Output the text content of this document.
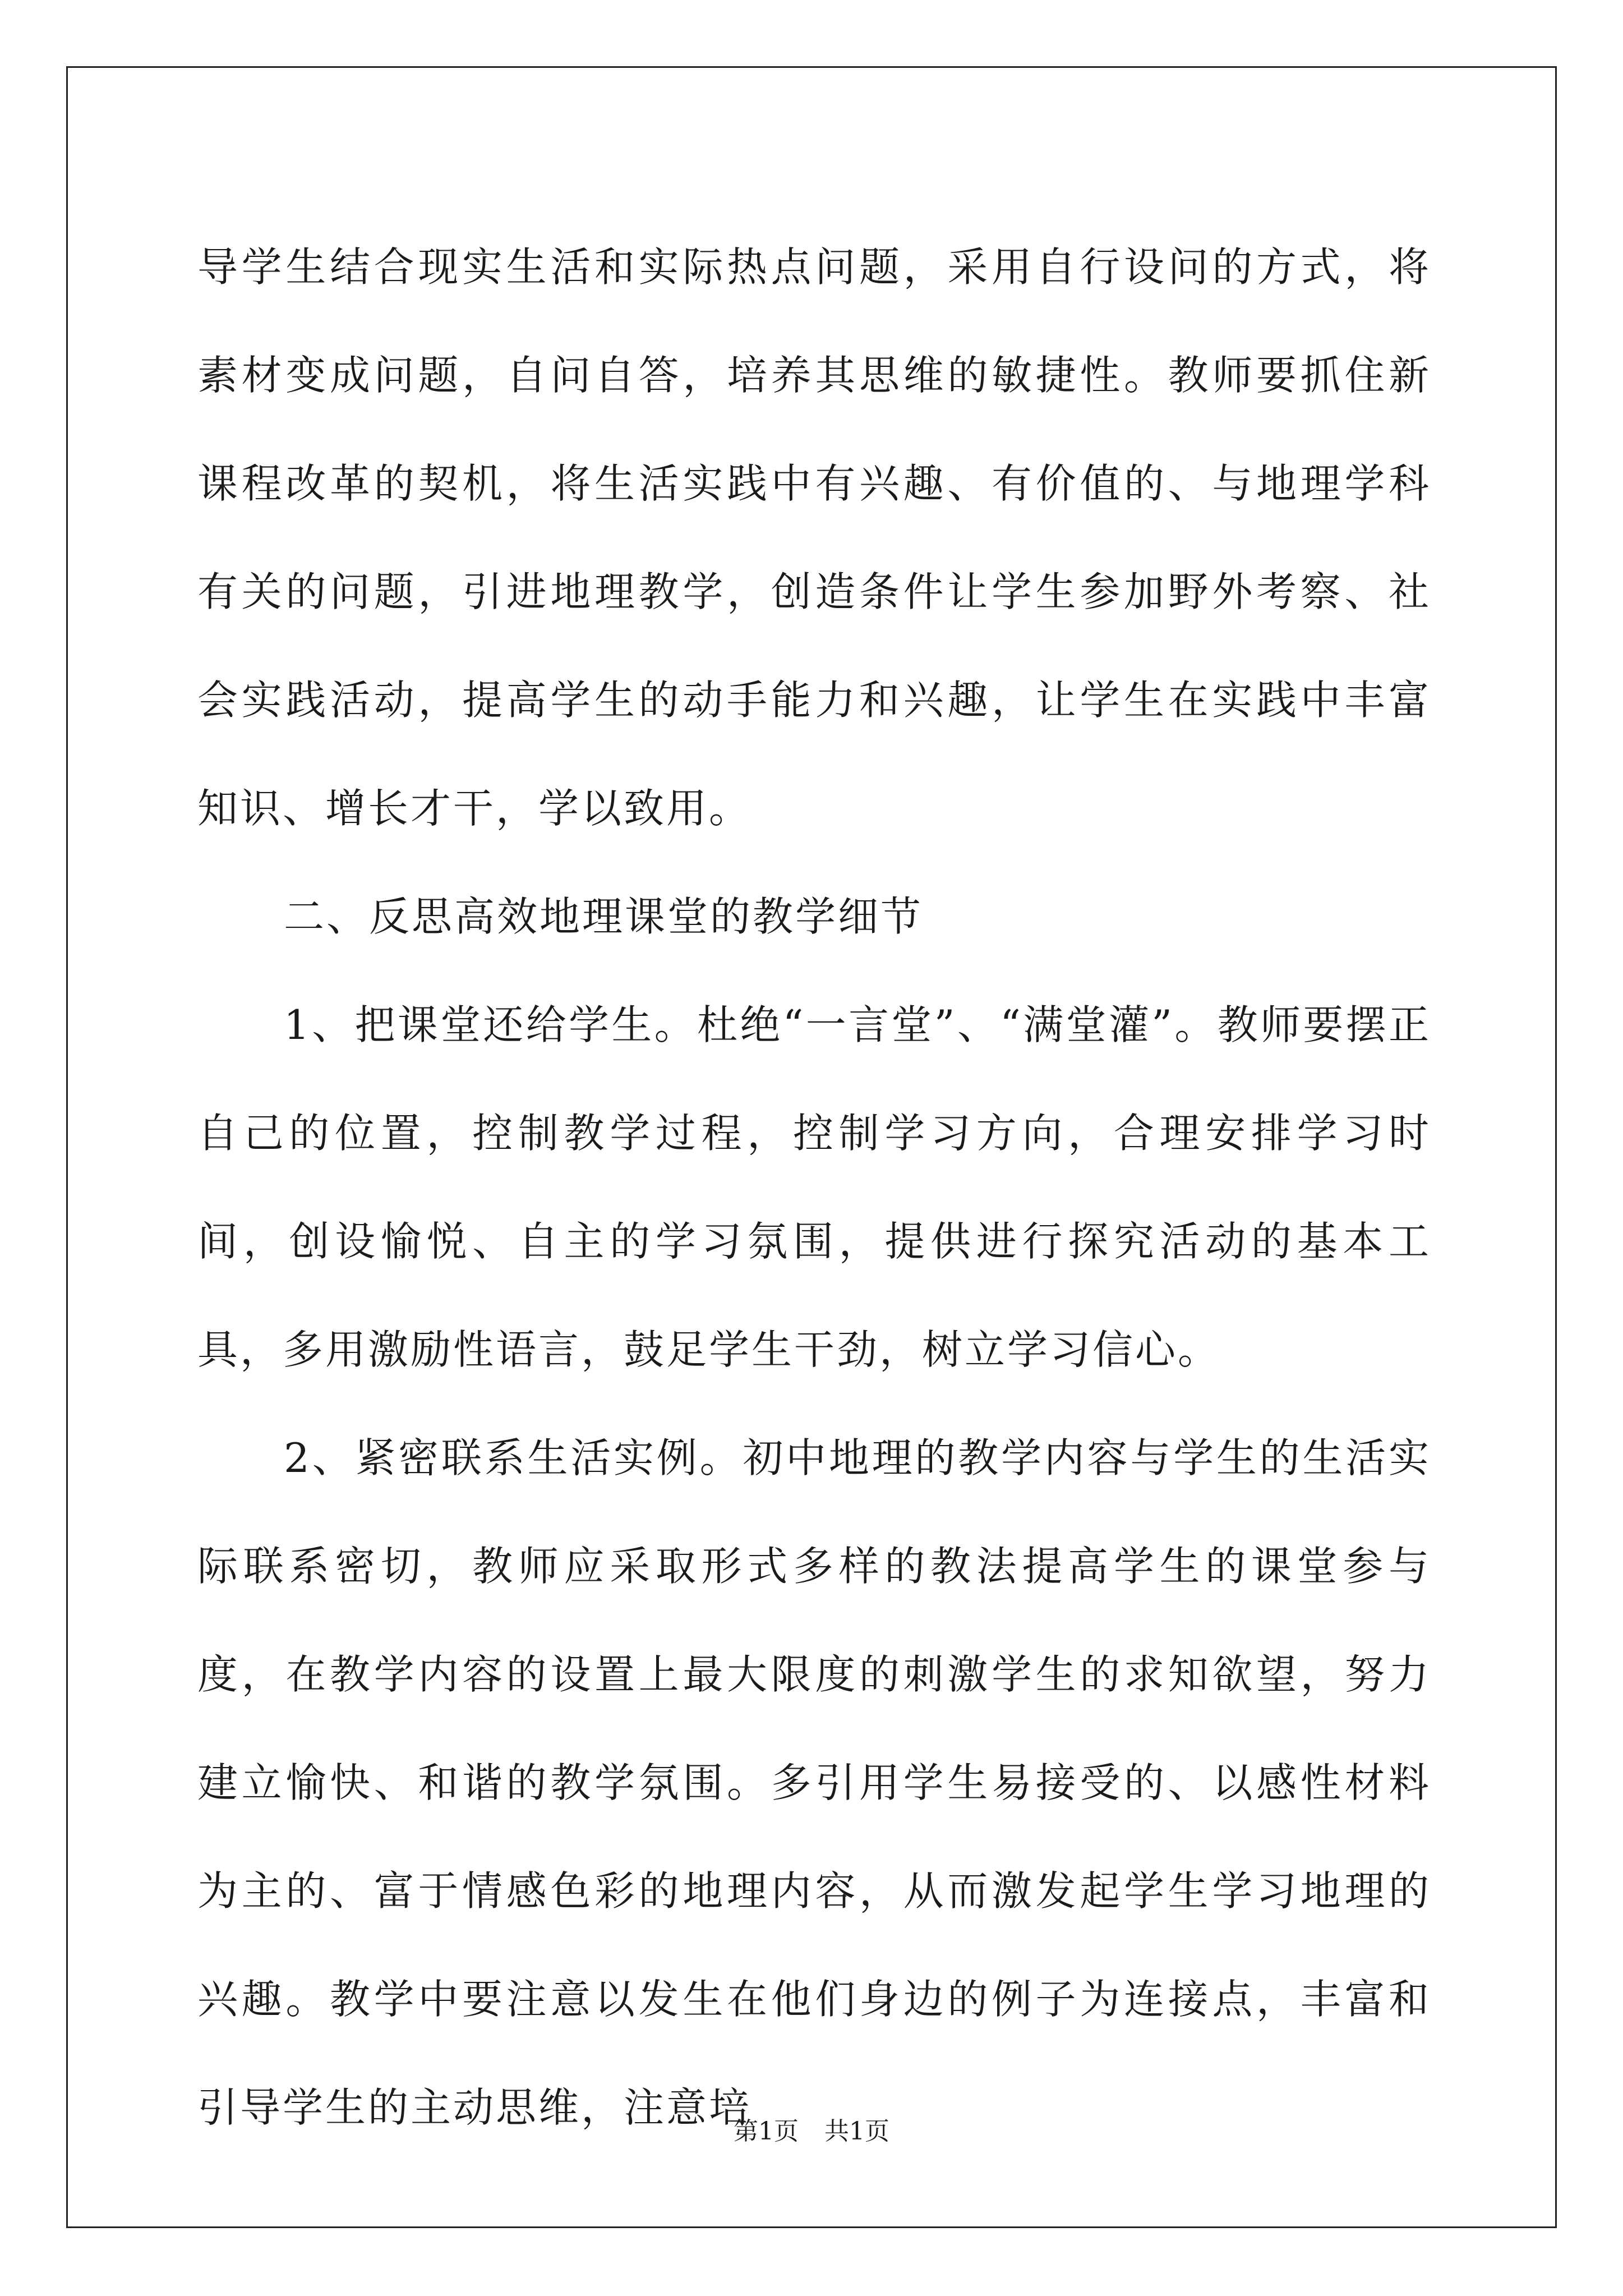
导学生结合现实生活和实际热点问题，采用自行设问的方式，将素材变成问题，自问自答，培养其思维的敏捷性。教师要抓住新课程改革的契机，将生活实践中有兴趣、有价值的、与地理学科有关的问题，引进地理教学，创造条件让学生参加野外考察、社会实践活动，提高学生的动手能力和兴趣，让学生在实践中丰富知识、增长才干，学以致用。

二、反思高效地理课堂的教学细节

1、把课堂还给学生。杜绝“一言堂”、“满堂灌”。教师要摆正自己的位置，控制教学过程，控制学习方向，合理安排学习时间，创设愉悦、自主的学习氛围，提供进行探究活动的基本工具，多用激励性语言，鼓足学生干劲，树立学习信心。

2、紧密联系生活实例。初中地理的教学内容与学生的生活实际联系密切，教师应采取形式多样的教法提高学生的课堂参与度，在教学内容的设置上最大限度的刺激学生的求知欲望，努力建立愉快、和谐的教学氛围。多引用学生易接受的、以感性材料为主的、富于情感色彩的地理内容，从而激发起学生学习地理的兴趣。教学中要注意以发生在他们身边的例子为连接点，丰富和引导学生的主动思维，注意培

第1页 共1页
